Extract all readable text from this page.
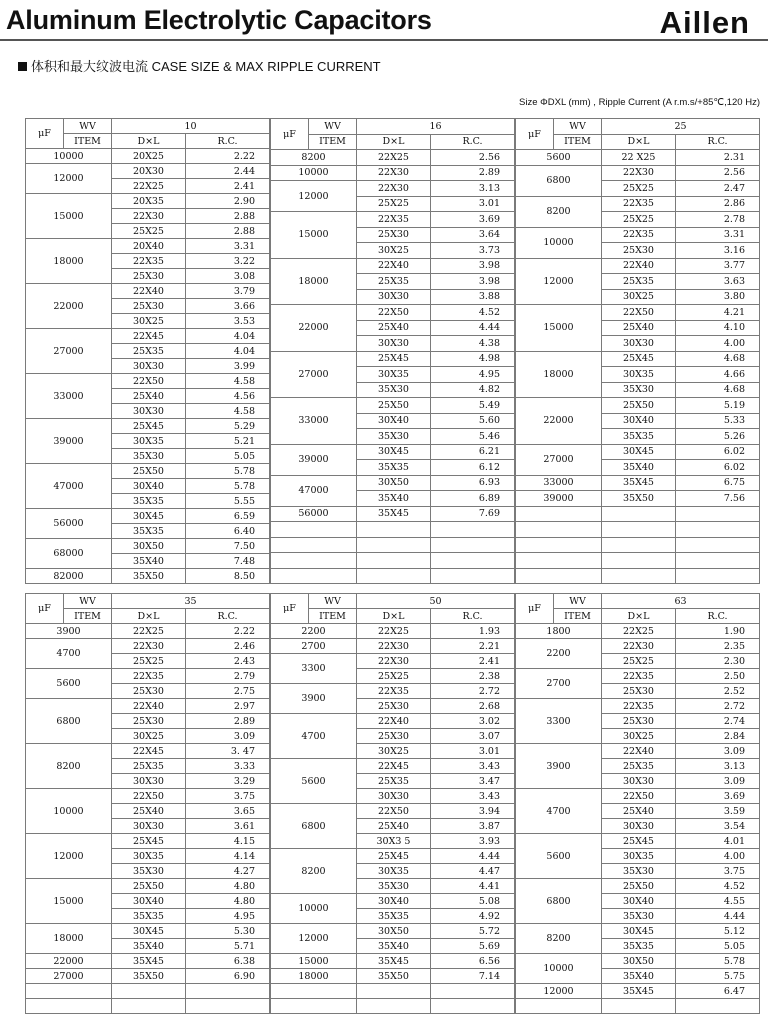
Aluminum Electrolytic Capacitors	Aillen
体积和最大纹波电流 CASE SIZE & MAX RIPPLE CURRENT
Size ΦDXL (mm) , Ripple Current (A r.m.s/+85℃,120 Hz)
μF	WV	10	
	ITEM	D×L	R.C.
10000		20X25	2.22
12000		20X30	2.44
		22X25	2.41
15000		20X35	2.90
		22X30	2.88
		25X25	2.88
18000		20X40	3.31
		22X35	3.22
		25X30	3.08
22000		22X40	3.79
		25X30	3.66
		30X25	3.53
27000		22X45	4.04
		25X35	4.04
		30X30	3.99
33000		22X50	4.58
		25X40	4.56
		30X30	4.58
39000		25X45	5.29
		30X35	5.21
		35X30	5.05
47000		25X50	5.78
		30X40	5.78
		35X35	5.55
56000		30X45	6.59
		35X35	6.40
68000		30X50	7.50
		35X40	7.48
82000		35X50	8.50
μF	WV	16	
	ITEM	D×L	R.C.
8200		22X25	2.56
10000		22X30	2.89
12000		22X30	3.13
		25X25	3.01
15000		22X35	3.69
		25X30	3.64
		30X25	3.73
18000		22X40	3.98
		25X35	3.98
		30X30	3.88
22000		22X50	4.52
		25X40	4.44
		30X30	4.38
27000		25X45	4.98
		30X35	4.95
		35X30	4.82
33000		25X50	5.49
		30X40	5.60
		35X30	5.46
39000		30X45	6.21
		35X35	6.12
47000		30X50	6.93
		35X40	6.89
56000		35X45	7.69

μF	WV	25	
	ITEM	D×L	R.C.
5600		22 X25	2.31
6800		22X30	2.56
		25X25	2.47
8200		22X35	2.86
		25X25	2.78
10000		22X35	3.31
		25X30	3.16
12000		22X40	3.77
		25X35	3.63
		30X25	3.80
15000		22X50	4.21
		25X40	4.10
		30X30	4.00
18000		25X45	4.68
		30X35	4.66
		35X30	4.68
22000		25X50	5.19
		30X40	5.33
		35X35	5.26
27000		30X45	6.02
		35X40	6.02
33000		35X45	6.75
39000		35X50	7.56

μF	WV	35	
	ITEM	D×L	R.C.
3900		22X25	2.22
4700		22X30	2.46
		25X25	2.43
5600		22X35	2.79
		25X30	2.75
6800		22X40	2.97
		25X30	2.89
		30X25	3.09
8200		22X45	3. 47
		25X35	3.33
		30X30	3.29
10000		22X50	3.75
		25X40	3.65
		30X30	3.61
12000		25X45	4.15
		30X35	4.14
		35X30	4.27
15000		25X50	4.80
		30X40	4.80
		35X35	4.95
18000		30X45	5.30
		35X40	5.71
22000		35X45	6.38
27000		35X50	6.90

μF	WV	50	
	ITEM	D×L	R.C.
2200		22X25	1.93
2700		22X30	2.21
3300		22X30	2.41
		25X25	2.38
3900		22X35	2.72
		25X30	2.68
4700		22X40	3.02
		25X30	3.07
		30X25	3.01
5600		22X45	3.43
		25X35	3.47
		30X30	3.43
6800		22X50	3.94
		25X40	3.87
		30X3 5	3.93
8200		25X45	4.44
		30X35	4.47
		35X30	4.41
10000		30X40	5.08
		35X35	4.92
12000		30X50	5.72
		35X40	5.69
15000		35X45	6.56
18000		35X50	7.14

μF	WV	63	
	ITEM	D×L	R.C.
1800		22X25	1.90
2200		22X30	2.35
		25X25	2.30
2700		22X35	2.50
		25X30	2.52
3300		22X35	2.72
		25X30	2.74
		30X25	2.84
3900		22X40	3.09
		25X35	3.13
		30X30	3.09
4700		22X50	3.69
		25X40	3.59
		30X30	3.54
5600		25X45	4.01
		30X35	4.00
		35X30	3.75
6800		25X50	4.52
		30X40	4.55
		35X30	4.44
8200		30X45	5.12
		35X35	5.05
10000		30X50	5.78
		35X40	5.75
12000		35X45	6.47
